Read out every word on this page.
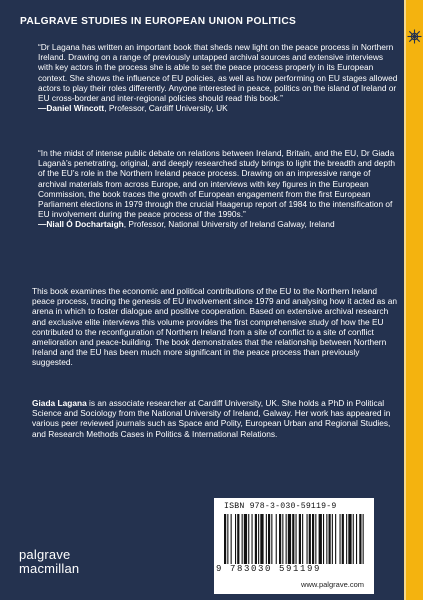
PALGRAVE STUDIES IN EUROPEAN UNION POLITICS

“Dr Lagana has written an important book that sheds new light on the peace process in Northern Ireland. Drawing on a range of previously untapped archival sources and extensive interviews with key actors in the process she is able to set the peace process properly in its European context. She shows the influence of EU policies, as well as how performing on EU stages allowed actors to play their roles differently. Anyone interested in peace, politics on the island of Ireland or EU cross-border and inter-regional policies should read this book.”

—Daniel Wincott, Professor, Cardiff University, UK

“In the midst of intense public debate on relations between Ireland, Britain, and the EU, Dr Giada Laganà’s penetrating, original, and deeply researched study brings to light the breadth and depth of the EU’s role in the Northern Ireland peace process. Drawing on an impressive range of archival materials from across Europe, and on interviews with key figures in the European Commission, the book traces the growth of European engagement from the first European Parliament elections in 1979 through the crucial Haagerup report of 1984 to the intensification of EU involvement during the peace process of the 1990s.”

—Niall Ó Dochartaigh, Professor, National University of Ireland Galway, Ireland

This book examines the economic and political contributions of the EU to the Northern Ireland peace process, tracing the genesis of EU involvement since 1979 and analysing how it acted as an arena in which to foster dialogue and positive cooperation. Based on extensive archival research and exclusive elite interviews this volume provides the first comprehensive study of how the EU contributed to the reconfiguration of Northern Ireland from a site of conflict to a site of conflict amelioration and peace-building. The book demonstrates that the relationship between Northern Ireland and the EU has been much more significant in the peace process than previously suggested.

Giada Lagana is an associate researcher at Cardiff University, UK. She holds a PhD in Political Science and Sociology from the National University of Ireland, Galway. Her work has appeared in various peer reviewed journals such as Space and Polity, European Urban and Regional Studies, and Research Methods Cases in Politics & International Relations.

ISBN 978-3-030-59119-9
9 783030 591199
www.palgrave.com
palgrave
macmillan
